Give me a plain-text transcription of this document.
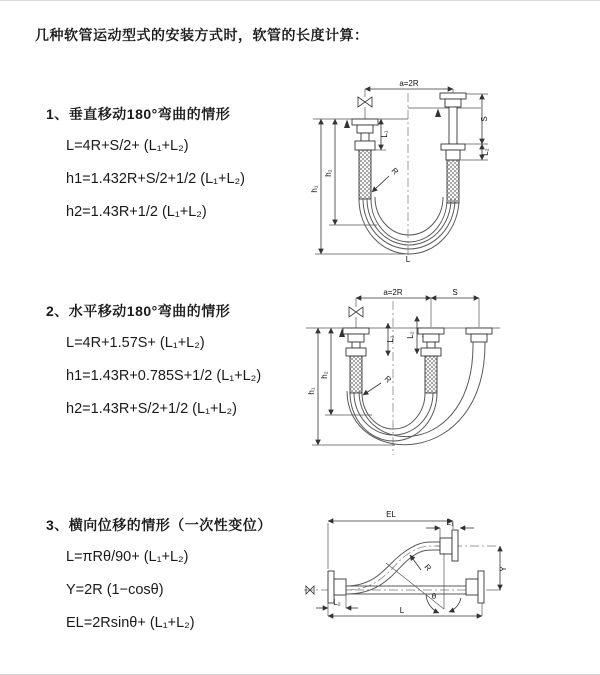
几种软管运动型式的安装方式时，软管的长度计算：
1、垂直移动180°弯曲的情形
L=4R+S/2+ (L₁+L₂)
h1=1.432R+S/2+1/2 (L₁+L₂)
h2=1.43R+1/2 (L₁+L₂)
a=2R
h₁
h₂
L₁
S
L₂
R
L
2、水平移动180°弯曲的情形
L=4R+1.57S+ (L₁+L₂)
h1=1.43R+0.785S+1/2 (L₁+L₂)
h2=1.43R+S/2+1/2 (L₁+L₂)
a=2R	S
h₁
h₂
L₁
L₂
R
3、横向位移的情形（一次性变位）
L=πRθ/90+ (L₁+L₂)
Y=2R (1−cosθ)
EL=2Rsinθ+ (L₁+L₂)
EL
L₁
Y
θ
R
L₂
L
